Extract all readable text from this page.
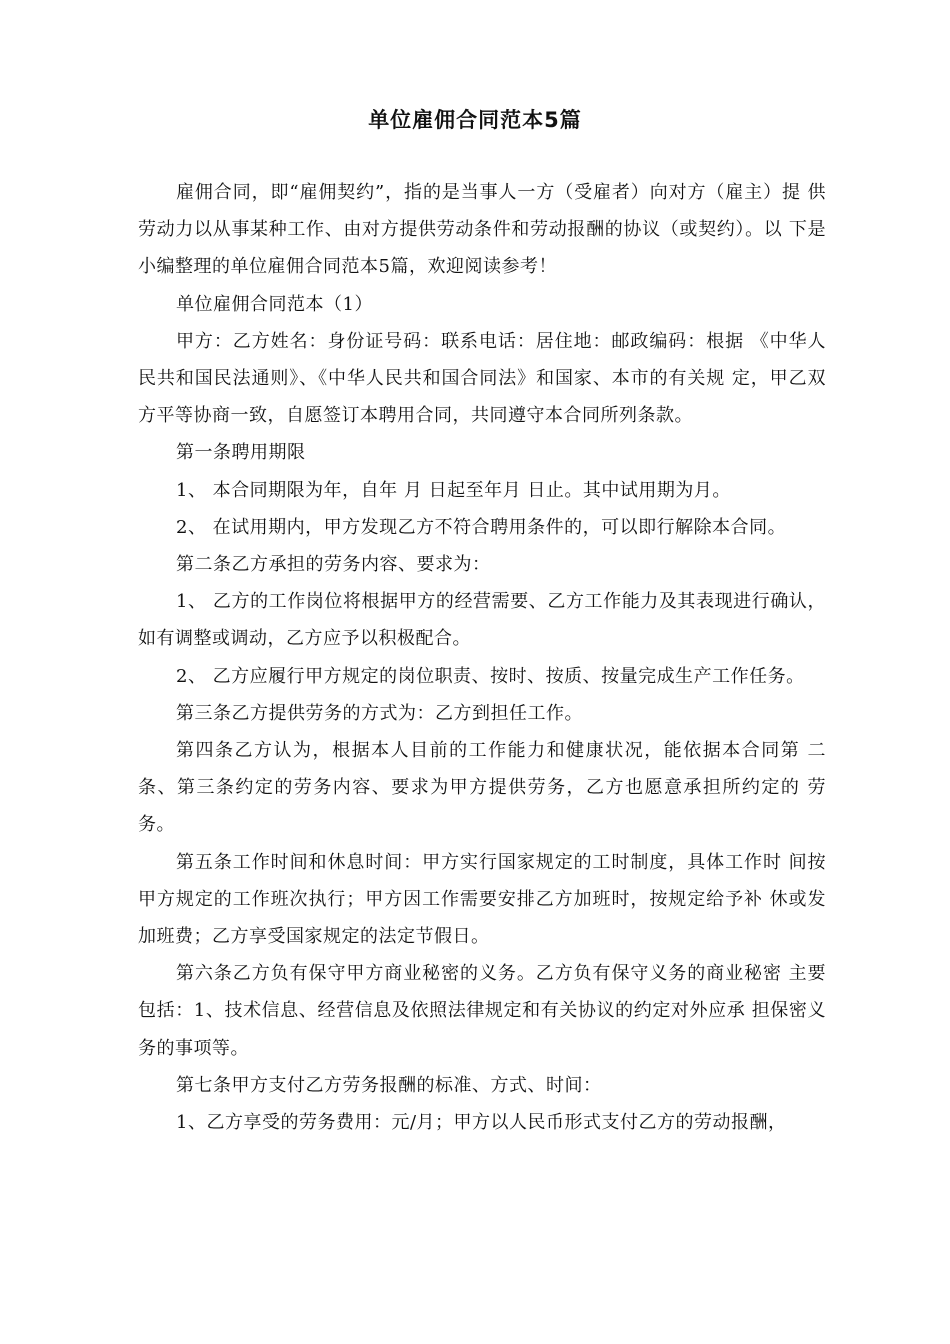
单位雇佣合同范本5篇

雇佣合同，即“雇佣契约”，指的是当事人一方（受雇者）向对方（雇主）提 供劳动力以从事某种工作、由对方提供劳动条件和劳动报酬的协议（或契约）。以 下是小编整理的单位雇佣合同范本5篇，欢迎阅读参考！

单位雇佣合同范本（1）

甲方：乙方姓名：身份证号码：联系电话：居住地：邮政编码：根据 《中华人民共和国民法通则》、《中华人民共和国合同法》和国家、本市的有关规 定，甲乙双方平等协商一致，自愿签订本聘用合同，共同遵守本合同所列条款。

第一条聘用期限

1、 本合同期限为年，自年 月 日起至年月 日止。其中试用期为月。

2、 在试用期内，甲方发现乙方不符合聘用条件的，可以即行解除本合同。

第二条乙方承担的劳务内容、要求为：

1、 乙方的工作岗位将根据甲方的经营需要、乙方工作能力及其表现进行确认，如有调整或调动，乙方应予以积极配合。

2、 乙方应履行甲方规定的岗位职责、按时、按质、按量完成生产工作任务。

第三条乙方提供劳务的方式为：乙方到担任工作。

第四条乙方认为，根据本人目前的工作能力和健康状况，能依据本合同第 二条、第三条约定的劳务内容、要求为甲方提供劳务，乙方也愿意承担所约定的 劳务。

第五条工作时间和休息时间：甲方实行国家规定的工时制度，具体工作时 间按甲方规定的工作班次执行；甲方因工作需要安排乙方加班时，按规定给予补 休或发加班费；乙方享受国家规定的法定节假日。

第六条乙方负有保守甲方商业秘密的义务。乙方负有保守义务的商业秘密 主要包括：1、技术信息、经营信息及依照法律规定和有关协议的约定对外应承 担保密义务的事项等。

第七条甲方支付乙方劳务报酬的标准、方式、时间：

1、乙方享受的劳务费用：元/月；甲方以人民币形式支付乙方的劳动报酬，
